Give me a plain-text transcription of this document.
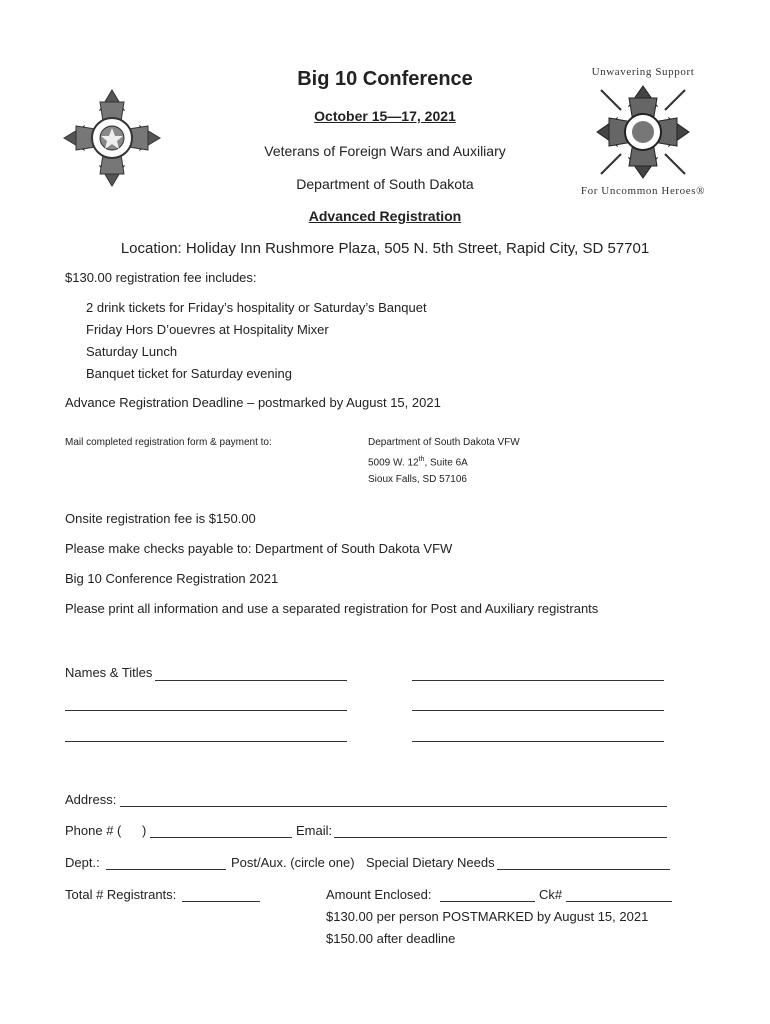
Big 10 Conference
October 15—17, 2021
Veterans of Foreign Wars and Auxiliary
Department of South Dakota
Advanced Registration
Unwavering Support
For Uncommon Heroes®
Location: Holiday Inn Rushmore Plaza, 505 N. 5th Street, Rapid City, SD 57701
$130.00 registration fee includes:
2 drink tickets for Friday’s hospitality or Saturday’s Banquet
Friday Hors D’ouevres at Hospitality Mixer
Saturday Lunch
Banquet ticket for Saturday evening
Advance Registration Deadline – postmarked by August 15, 2021
Mail completed registration form & payment to:	Department of South Dakota VFW
5009 W. 12th, Suite 6A
Sioux Falls, SD 57106
Onsite registration fee is $150.00
Please make checks payable to: Department of South Dakota VFW
Big 10 Conference Registration 2021
Please print all information and use a separated registration for Post and Auxiliary registrants
Names & Titles
Address:
Phone # ( )	Email:
Dept.:	Post/Aux. (circle one) Special Dietary Needs
Total # Registrants:	Amount Enclosed:	Ck#
$130.00 per person POSTMARKED by August 15, 2021
$150.00 after deadline
